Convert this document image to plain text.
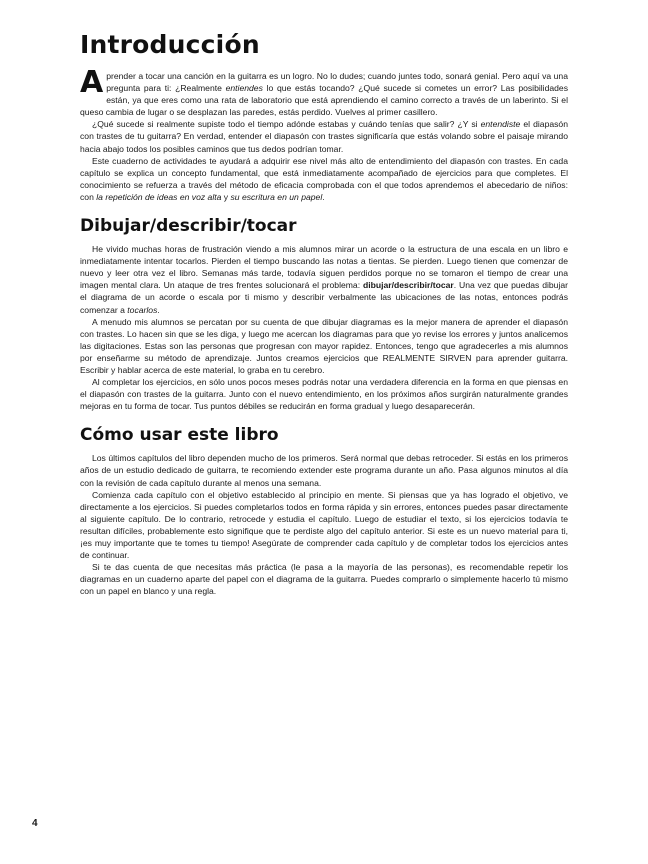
Introducción

Aprender a tocar una canción en la guitarra es un logro. No lo dudes; cuando juntes todo, sonará genial. Pero aquí va una pregunta para ti: ¿Realmente entiendes lo que estás tocando? ¿Qué sucede si cometes un error? Las posibilidades están, ya que eres como una rata de laboratorio que está aprendiendo el camino correcto a través de un laberinto. Si el queso cambia de lugar o se desplazan las paredes, estás perdido. Vuelves al primer casillero.

¿Qué sucede si realmente supiste todo el tiempo adónde estabas y cuándo tenías que salir? ¿Y si entendiste el diapasón con trastes de tu guitarra? En verdad, entender el diapasón con trastes significaría que estás volando sobre el paisaje mirando hacia abajo todos los posibles caminos que tus dedos podrían tomar.

Este cuaderno de actividades te ayudará a adquirir ese nivel más alto de entendimiento del diapasón con trastes. En cada capítulo se explica un concepto fundamental, que está inmediatamente acompañado de ejercicios para que completes. El conocimiento se refuerza a través del método de eficacia comprobada con el que todos aprendemos el abecedario de niños: con la repetición de ideas en voz alta y su escritura en un papel.

Dibujar/describir/tocar

He vivido muchas horas de frustración viendo a mis alumnos mirar un acorde o la estructura de una escala en un libro e inmediatamente intentar tocarlos. Pierden el tiempo buscando las notas a tientas. Se pierden. Luego tienen que comenzar de nuevo y leer otra vez el libro. Semanas más tarde, todavía siguen perdidos porque no se tomaron el tiempo de crear una imagen mental clara. Un ataque de tres frentes solucionará el problema: dibujar/describir/tocar. Una vez que puedas dibujar el diagrama de un acorde o escala por ti mismo y describir verbalmente las ubicaciones de las notas, entonces podrás comenzar a tocarlos.

A menudo mis alumnos se percatan por su cuenta de que dibujar diagramas es la mejor manera de aprender el diapasón con trastes. Lo hacen sin que se les diga, y luego me acercan los diagramas para que yo revise los errores y juntos analicemos las digitaciones. Estas son las personas que progresan con mayor rapidez. Entonces, tengo que agradecerles a mis alumnos por enseñarme su método de aprendizaje. Juntos creamos ejercicios que REALMENTE SIRVEN para aprender guitarra. Escribir y hablar acerca de este material, lo graba en tu cerebro.

Al completar los ejercicios, en sólo unos pocos meses podrás notar una verdadera diferencia en la forma en que piensas en el diapasón con trastes de la guitarra. Junto con el nuevo entendimiento, en los próximos años surgirán naturalmente grandes mejoras en tu forma de tocar. Tus puntos débiles se reducirán en forma gradual y luego desaparecerán.

Cómo usar este libro

Los últimos capítulos del libro dependen mucho de los primeros. Será normal que debas retroceder. Si estás en los primeros años de un estudio dedicado de guitarra, te recomiendo extender este programa durante un año. Pasa algunos minutos al día con la revisión de cada capítulo durante al menos una semana.

Comienza cada capítulo con el objetivo establecido al principio en mente. Si piensas que ya has logrado el objetivo, ve directamente a los ejercicios. Si puedes completarlos todos en forma rápida y sin errores, entonces puedes pasar directamente al siguiente capítulo. De lo contrario, retrocede y estudia el capítulo. Luego de estudiar el texto, si los ejercicios todavía te resultan difíciles, probablemente esto signifique que te perdiste algo del capítulo anterior. Si este es un nuevo material para ti, ¡es muy importante que te tomes tu tiempo! Asegúrate de comprender cada capítulo y de completar todos los ejercicios antes de continuar.

Si te das cuenta de que necesitas más práctica (le pasa a la mayoría de las personas), es recomendable repetir los diagramas en un cuaderno aparte del papel con el diagrama de la guitarra. Puedes comprarlo o simplemente hacerlo tú mismo con un papel en blanco y una regla.

4
